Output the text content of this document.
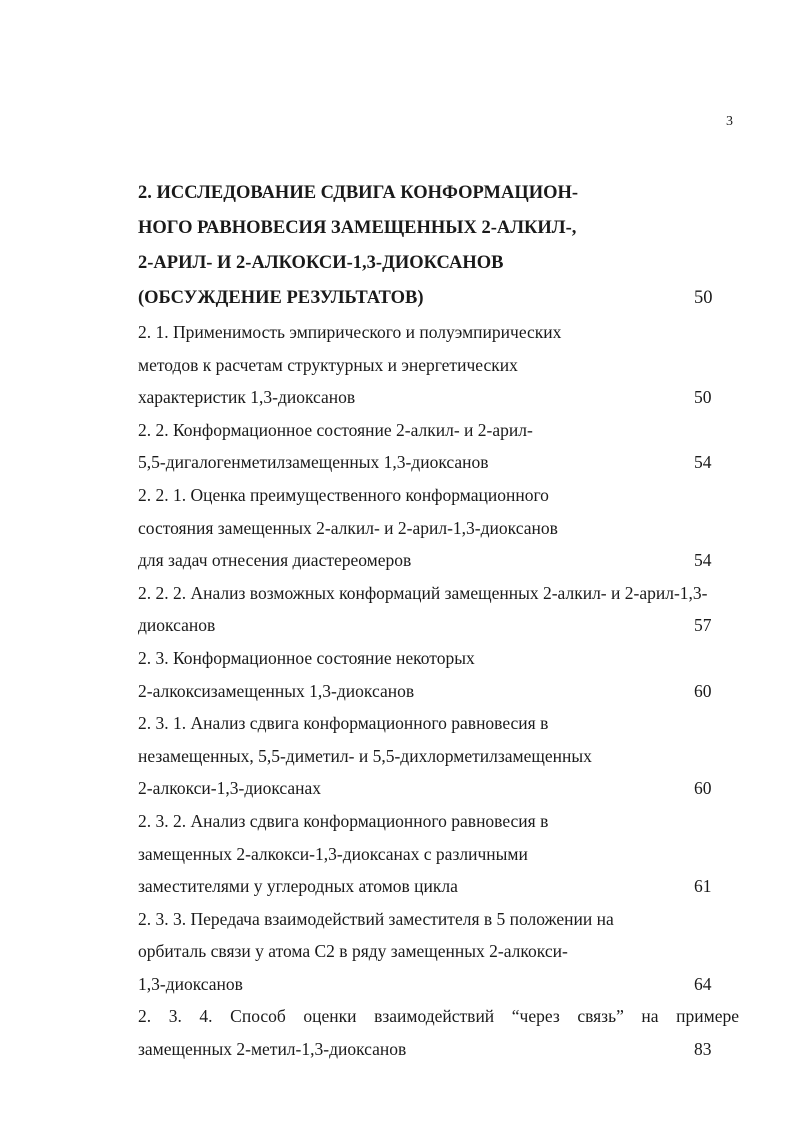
3
2. ИССЛЕДОВАНИЕ СДВИГА КОНФОРМАЦИОН-
НОГО РАВНОВЕСИЯ ЗАМЕЩЕННЫХ 2-АЛКИЛ-,
2-АРИЛ- И 2-АЛКОКСИ-1,3-ДИОКСАНОВ
(ОБСУЖДЕНИЕ РЕЗУЛЬТАТОВ)	50
2. 1. Применимость эмпирического и полуэмпирических
методов к расчетам структурных и энергетических
характеристик 1,3-диоксанов	50
2. 2. Конформационное состояние 2-алкил- и 2-арил-
5,5-дигалогенметилзамещенных 1,3-диоксанов	54
2. 2. 1. Оценка преимущественного конформационного
состояния замещенных 2-алкил- и 2-арил-1,3-диоксанов
для задач отнесения диастереомеров	54
2. 2. 2. Анализ возможных конформаций замещенных 2-алкил- и 2-арил-1,3-
диоксанов	57
2. 3. Конформационное состояние некоторых
2-алкоксизамещенных 1,3-диоксанов	60
2. 3. 1. Анализ сдвига конформационного равновесия в
незамещенных, 5,5-диметил- и 5,5-дихлорметилзамещенных
2-алкокси-1,3-диоксанах	60
2. 3. 2. Анализ сдвига конформационного равновесия в
замещенных 2-алкокси-1,3-диоксанах с различными
заместителями у углеродных атомов цикла	61
2. 3. 3. Передача взаимодействий заместителя в 5 положении на
орбиталь связи у атома С2 в ряду замещенных 2-алкокси-
1,3-диоксанов	64
2. 3. 4. Способ оценки взаимодействий “через связь” на примере
замещенных 2-метил-1,3-диоксанов	83
